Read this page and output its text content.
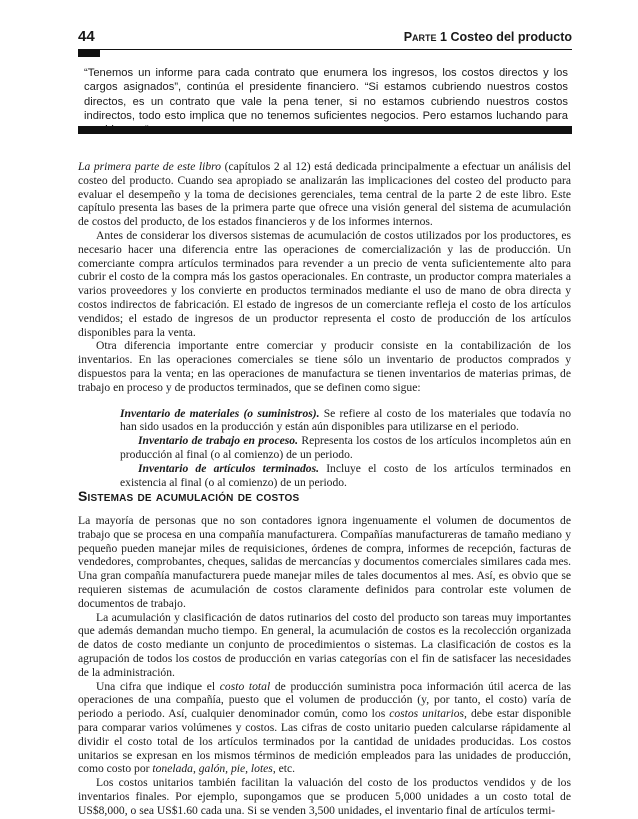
44	Parte 1 Costeo del producto

“Tenemos un informe para cada contrato que enumera los ingresos, los costos directos y los cargos asignados”, continúa el presidente financiero. “Si estamos cubriendo nuestros costos directos, es un contrato que vale la pena tener, si no estamos cubriendo nuestros costos indirectos, todo esto implica que no tenemos suficientes negocios. Pero estamos luchando para

La primera parte de este libro (capítulos 2 al 12) está dedicada principalmente a efectuar un análisis del costeo del producto. Cuando sea apropiado se analizarán las implicaciones del costeo del producto para evaluar el desempeño y la toma de decisiones gerenciales, tema central de la parte 2 de este libro. Este capítulo presenta las bases de la primera parte que ofrece una visión general del sistema de acumulación de costos del producto, de los estados financieros y de los informes internos.

Antes de considerar los diversos sistemas de acumulación de costos utilizados por los productores, es necesario hacer una diferencia entre las operaciones de comercialización y las de producción. Un comerciante compra artículos terminados para revender a un precio de venta suficientemente alto para cubrir el costo de la compra más los gastos operacionales. En contraste, un productor compra materiales a varios proveedores y los convierte en productos terminados mediante el uso de mano de obra directa y costos indirectos de fabricación. El estado de ingresos de un comerciante refleja el costo de los artículos vendidos; el estado de ingresos de un productor representa el costo de producción de los artículos disponibles para la venta.

Otra diferencia importante entre comerciar y producir consiste en la contabilización de los inventarios. En las operaciones comerciales se tiene sólo un inventario de productos comprados y dispuestos para la venta; en las operaciones de manufactura se tienen inventarios de materias primas, de trabajo en proceso y de productos terminados, que se definen como sigue:

Inventario de materiales (o suministros). Se refiere al costo de los materiales que todavía no han sido usados en la producción y están aún disponibles para utilizarse en el periodo.

Inventario de trabajo en proceso. Representa los costos de los artículos incompletos aún en producción al final (o al comienzo) de un periodo.

Inventario de artículos terminados. Incluye el costo de los artículos terminados en existencia al final (o al comienzo) de un periodo.

Sistemas de acumulación de costos

La mayoría de personas que no son contadores ignora ingenuamente el volumen de documentos de trabajo que se procesa en una compañía manufacturera. Compañías manufactureras de tamaño mediano y pequeño pueden manejar miles de requisiciones, órdenes de compra, informes de recepción, facturas de vendedores, comprobantes, cheques, salidas de mercancías y documentos comerciales similares cada mes. Una gran compañía manufacturera puede manejar miles de tales documentos al mes. Así, es obvio que se requieren sistemas de acumulación de costos claramente definidos para controlar este volumen de documentos de trabajo.

La acumulación y clasificación de datos rutinarios del costo del producto son tareas muy importantes que además demandan mucho tiempo. En general, la acumulación de costos es la recolección organizada de datos de costo mediante un conjunto de procedimientos o sistemas. La clasificación de costos es la agrupación de todos los costos de producción en varias categorías con el fin de satisfacer las necesidades de la administración.

Una cifra que indique el costo total de producción suministra poca información útil acerca de las operaciones de una compañía, puesto que el volumen de producción (y, por tanto, el costo) varía de periodo a periodo. Así, cualquier denominador común, como los costos unitarios, debe estar disponible para comparar varios volúmenes y costos. Las cifras de costo unitario pueden calcularse rápidamente al dividir el costo total de los artículos terminados por la cantidad de unidades producidas. Los costos unitarios se expresan en los mismos términos de medición empleados para las unidades de producción, como costo por tonelada, galón, pie, lotes, etc.

Los costos unitarios también facilitan la valuación del costo de los productos vendidos y de los inventarios finales. Por ejemplo, supongamos que se producen 5,000 unidades a un costo total de US$8,000, o sea US$1.60 cada una. Si se venden 3,500 unidades, el inventario final de artículos termi-
